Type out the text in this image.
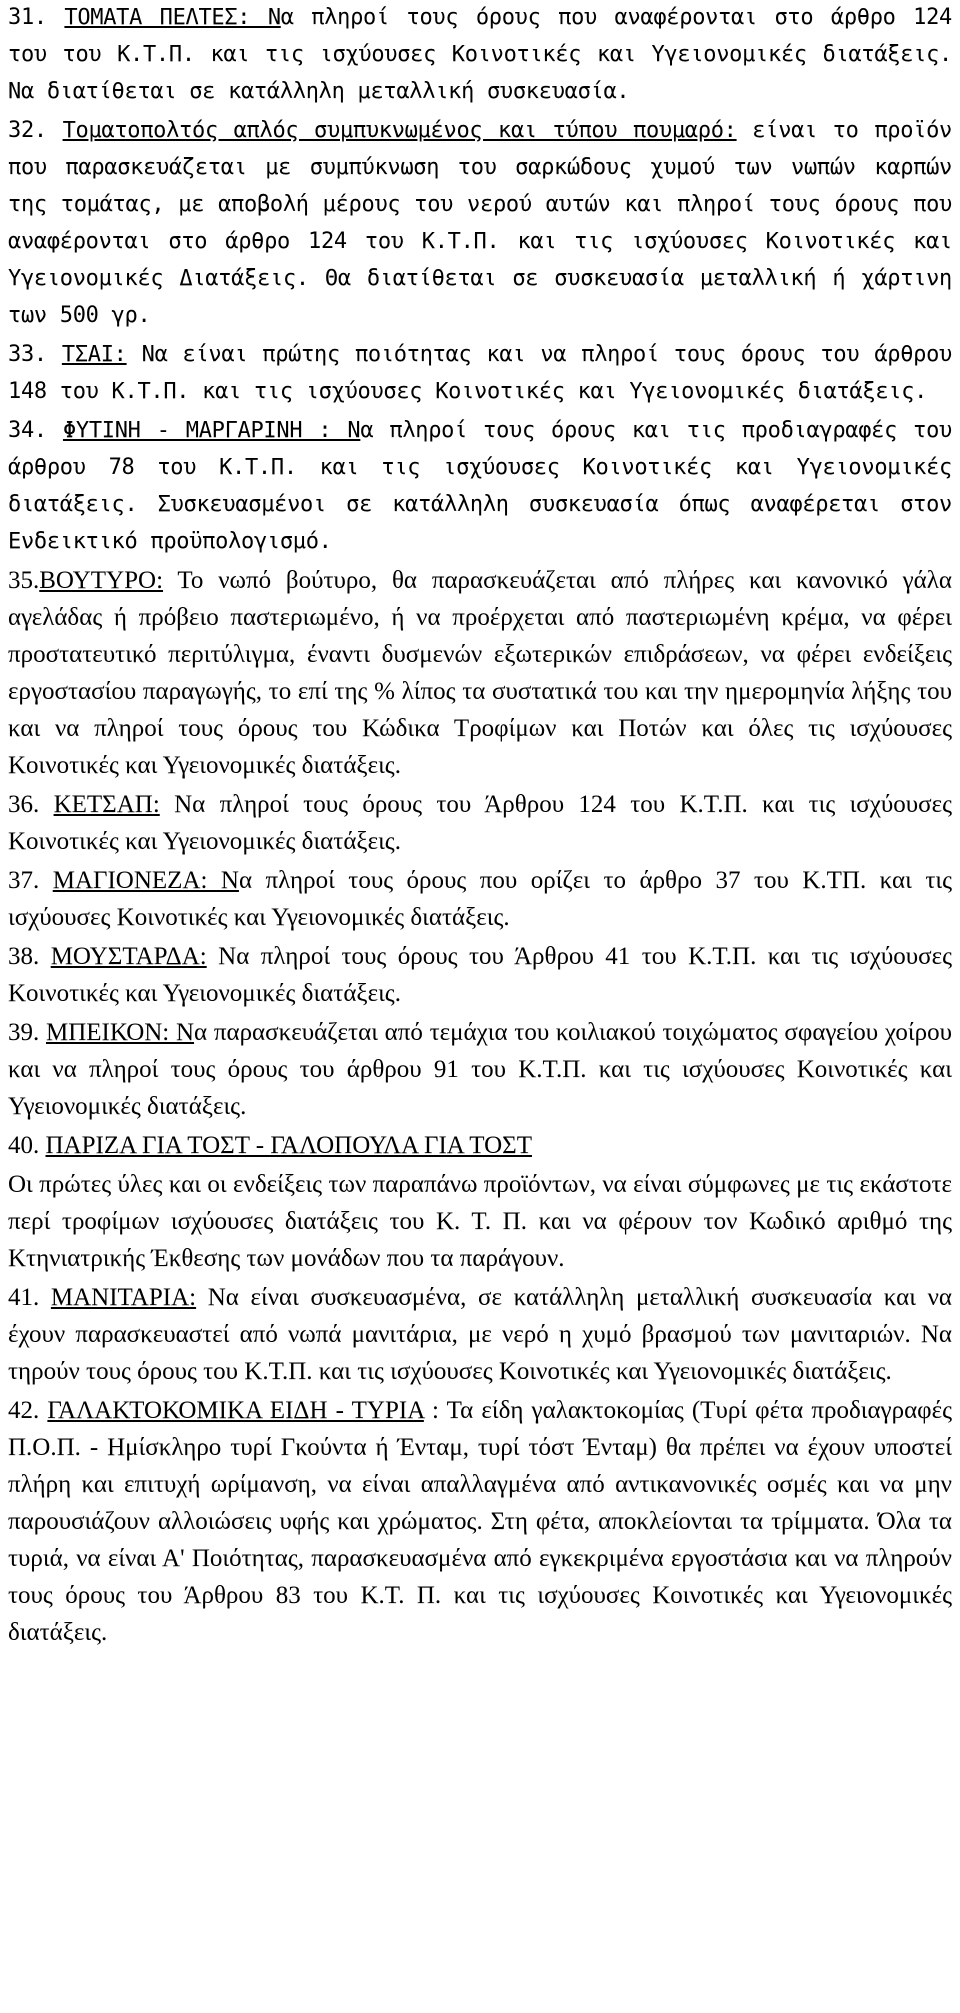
31. ΤΟΜΑΤΑ ΠΕΛΤΕΣ: Να πληροί τους όρους που αναφέρονται στο άρθρο 124 του του Κ.Τ.Π. και τις ισχύουσες Κοινοτικές και Υγειονομικές διατάξεις. Να διατίθεται σε κατάλληλη μεταλλική συσκευασία.

32. Τοματοπολτός απλός συμπυκνωμένος και τύπου πουμαρό: είναι το προϊόν που παρασκευάζεται με συμπύκνωση του σαρκώδους χυμού των νωπών καρπών της τομάτας, με αποβολή μέρους του νερού αυτών και πληροί τους όρους που αναφέρονται στο άρθρο 124 του Κ.Τ.Π. και τις ισχύουσες Κοινοτικές και Υγειονομικές Διατάξεις. Θα διατίθεται σε συσκευασία μεταλλική ή χάρτινη των 500 γρ.

33. ΤΣΑΙ: Να είναι πρώτης ποιότητας και να πληροί τους όρους του άρθρου 148 του Κ.Τ.Π. και τις ισχύουσες Κοινοτικές και Υγειονομικές διατάξεις.

34. ΦΥΤΙΝΗ - ΜΑΡΓΑΡΙΝΗ : Να πληροί τους όρους και τις προδιαγραφές του άρθρου 78 του Κ.Τ.Π. και τις ισχύουσες Κοινοτικές και Υγειονομικές διατάξεις. Συσκευασμένοι σε κατάλληλη συσκευασία όπως αναφέρεται στον Ενδεικτικό προϋπολογισμό.

35.ΒΟΥΤΥΡΟ: Το νωπό βούτυρο, θα παρασκευάζεται από πλήρες και κανονικό γάλα αγελάδας ή πρόβειο παστεριωμένο, ή να προέρχεται από παστεριωμένη κρέμα, να φέρει προστατευτικό περιτύλιγμα, έναντι δυσμενών εξωτερικών επιδράσεων, να φέρει ενδείξεις εργοστασίου παραγωγής, το επί της % λίπος τα συστατικά του και την ημερομηνία λήξης του και να πληροί τους όρους του Κώδικα Τροφίμων και Ποτών και όλες τις ισχύουσες Κοινοτικές και Υγειονομικές διατάξεις.

36. ΚΕΤΣΑΠ: Να πληροί τους όρους του Άρθρου 124 του Κ.Τ.Π. και τις ισχύουσες Κοινοτικές και Υγειονομικές διατάξεις.

37. ΜΑΓΙΟΝΕΖΑ: Να πληροί τους όρους που ορίζει το άρθρο 37 του Κ.ΤΠ. και τις ισχύουσες Κοινοτικές και Υγειονομικές διατάξεις.

38. ΜΟΥΣΤΑΡΔΑ: Να πληροί τους όρους του Άρθρου 41 του Κ.Τ.Π. και τις ισχύουσες Κοινοτικές και Υγειονομικές διατάξεις.

39. ΜΠΕΙΚΟΝ: Να παρασκευάζεται από τεμάχια του κοιλιακού τοιχώματος σφαγείου χοίρου και να πληροί τους όρους του άρθρου 91 του Κ.Τ.Π. και τις ισχύουσες Κοινοτικές και Υγειονομικές διατάξεις.

40. ΠΑΡΙΖΑ ΓΙΑ ΤΟΣΤ - ΓΑΛΟΠΟΥΛΑ ΓΙΑ ΤΟΣΤ

Οι πρώτες ύλες και οι ενδείξεις των παραπάνω προϊόντων, να είναι σύμφωνες με τις εκάστοτε περί τροφίμων ισχύουσες διατάξεις του Κ. Τ. Π. και να φέρουν τον Κωδικό αριθμό της Κτηνιατρικής Έκθεσης των μονάδων που τα παράγουν.

41. ΜΑΝΙΤΑΡΙΑ: Να είναι συσκευασμένα, σε κατάλληλη μεταλλική συσκευασία και να έχουν παρασκευαστεί από νωπά μανιτάρια, με νερό η χυμό βρασμού των μανιταριών. Να τηρούν τους όρους του Κ.Τ.Π. και τις ισχύουσες Κοινοτικές και Υγειονομικές διατάξεις.

42. ΓΑΛΑΚΤΟΚΟΜΙΚΑ ΕΙΔΗ - ΤΥΡΙΑ : Τα είδη γαλακτοκομίας (Τυρί φέτα προδιαγραφές Π.Ο.Π. - Ημίσκληρο τυρί Γκούντα ή Ένταμ, τυρί τόστ Ένταμ) θα πρέπει να έχουν υποστεί πλήρη και επιτυχή ωρίμανση, να είναι απαλλαγμένα από αντικανονικές οσμές και να μην παρουσιάζουν αλλοιώσεις υφής και χρώματος. Στη φέτα, αποκλείονται τα τρίμματα. Όλα τα τυριά, να είναι Α' Ποιότητας, παρασκευασμένα από εγκεκριμένα εργοστάσια και να πληρούν τους όρους του Άρθρου 83 του Κ.Τ. Π. και τις ισχύουσες Κοινοτικές και Υγειονομικές διατάξεις.
